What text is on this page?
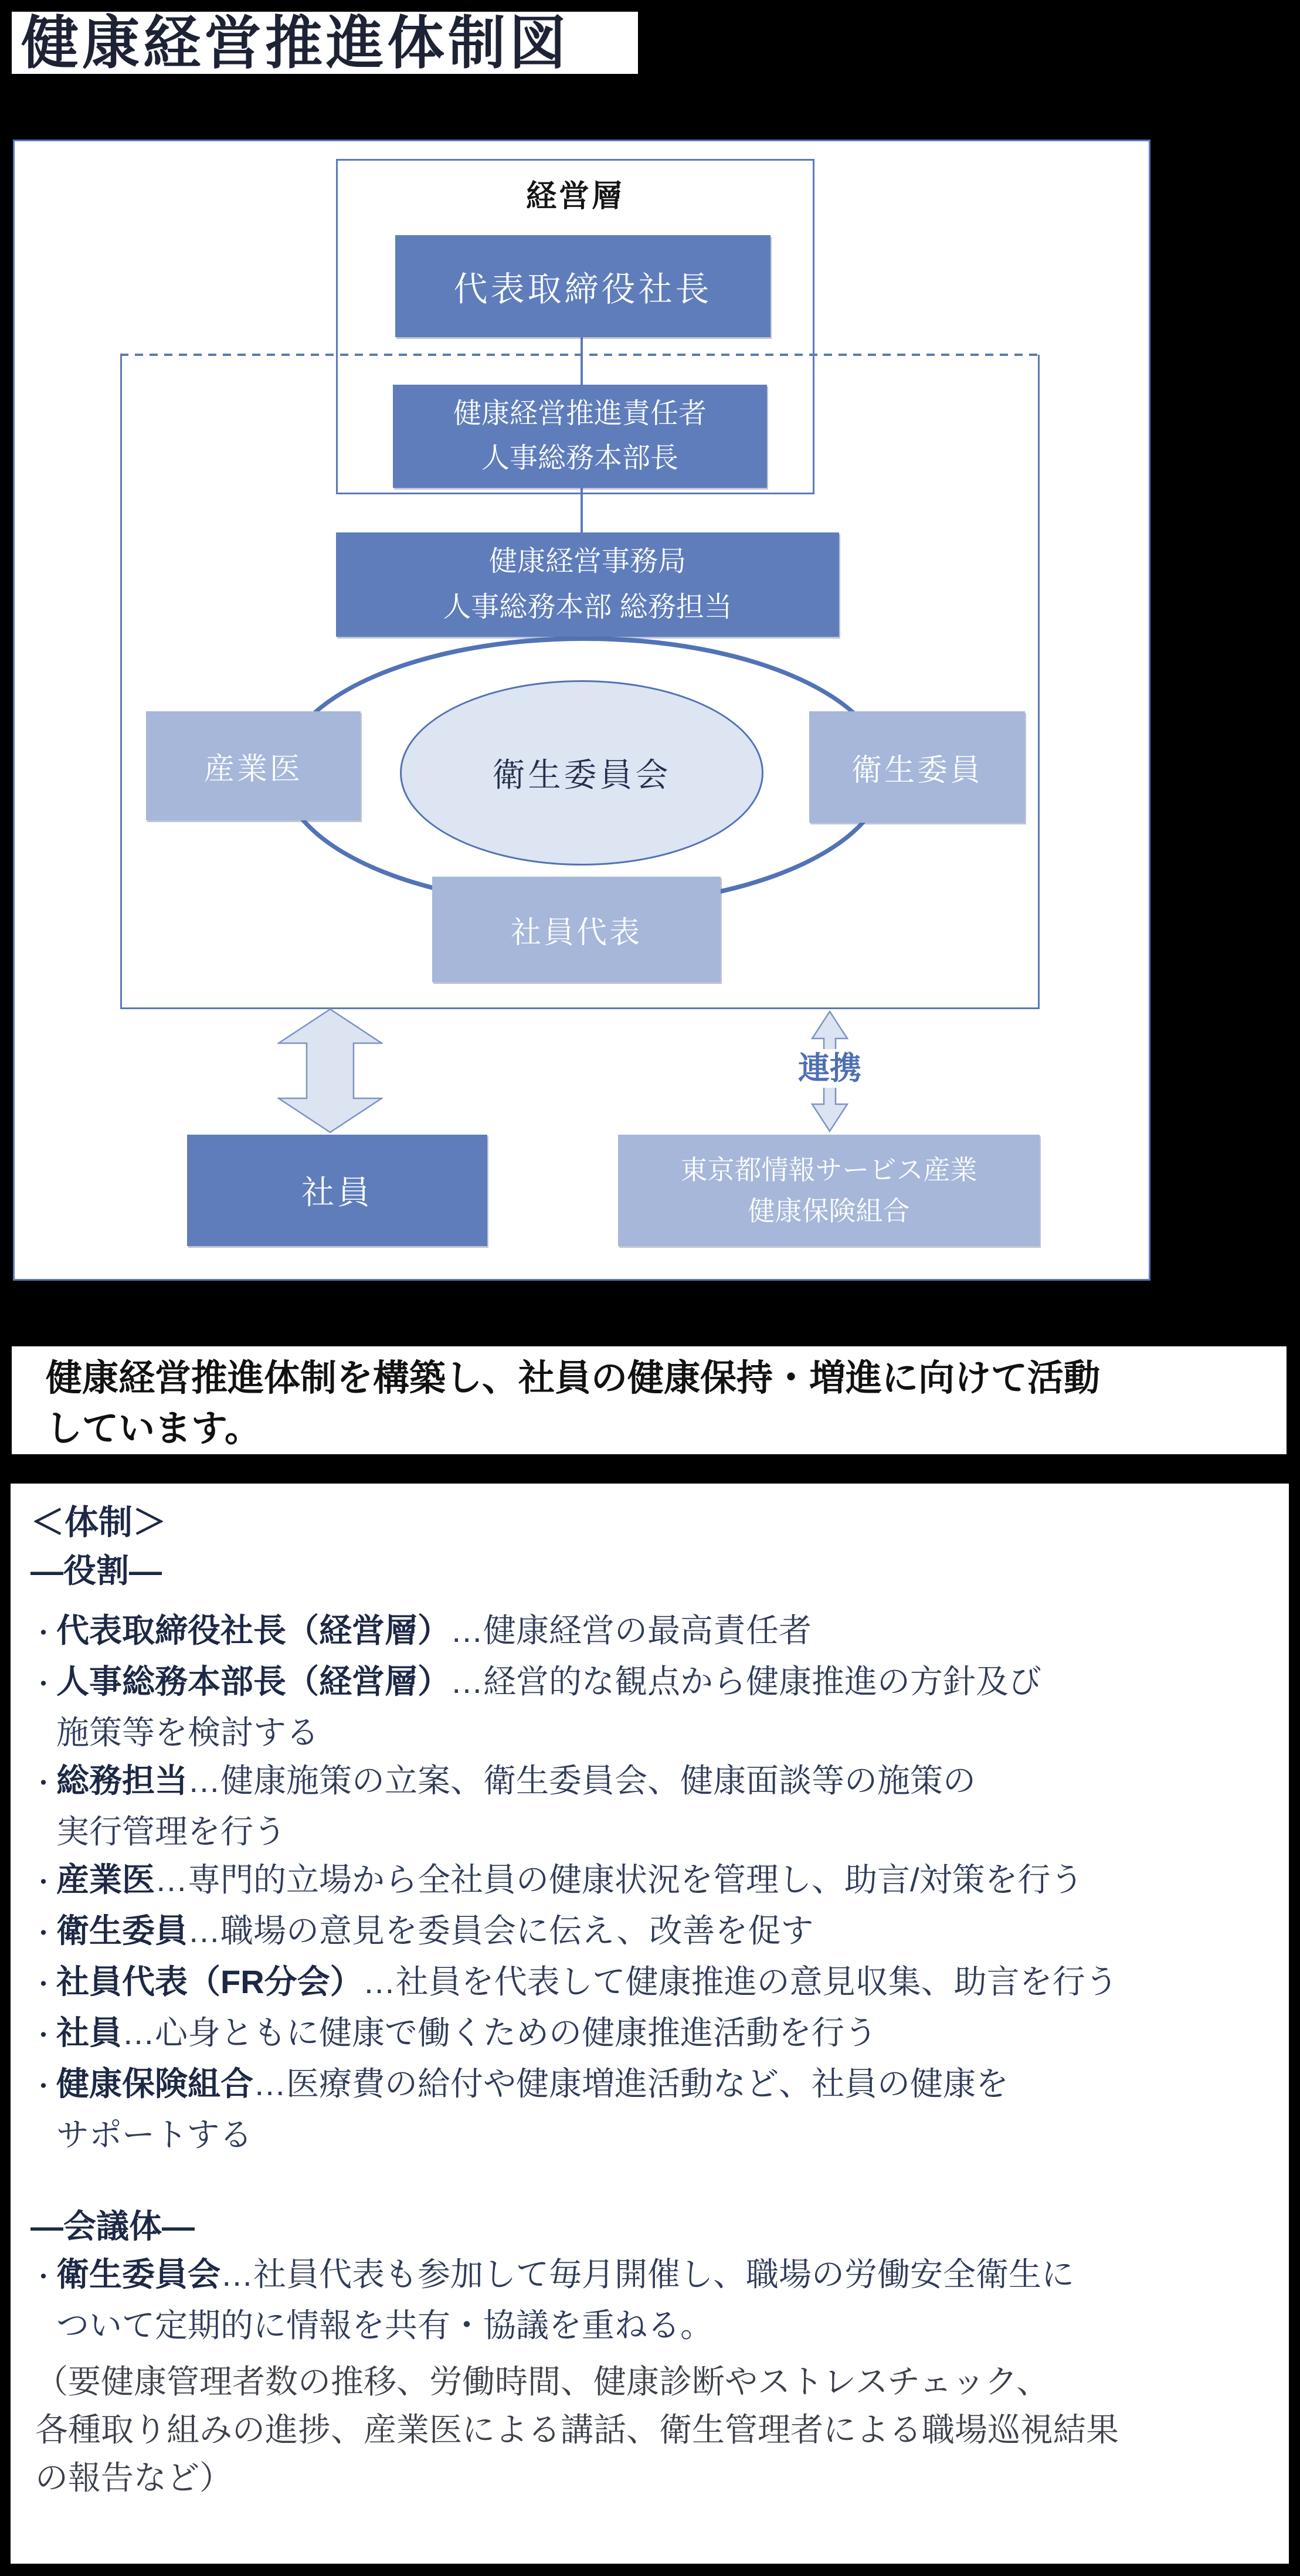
健康経営推進体制図
経営層
代表取締役社長
健康経営推進責任者
人事総務本部長
健康経営事務局
人事総務本部 総務担当
衛生委員会
産業医	衛生委員
社員代表
連携
社員
東京都情報サービス産業
健康保険組合
健康経営推進体制を構築し、社員の健康保持・増進に向けて活動
しています。
＜体制＞
―役割―
・代表取締役社長（経営層）…健康経営の最高責任者
・人事総務本部長（経営層）…経営的な観点から健康推進の方針及び
施策等を検討する
・総務担当…健康施策の立案、衛生委員会、健康面談等の施策の
実行管理を行う
・産業医…専門的立場から全社員の健康状況を管理し、助言/対策を行う
・衛生委員…職場の意見を委員会に伝え、改善を促す
・社員代表（FR分会）…社員を代表して健康推進の意見収集、助言を行う
・社員…心身ともに健康で働くための健康推進活動を行う
・健康保険組合…医療費の給付や健康増進活動など、社員の健康を
サポートする
―会議体―
・衛生委員会…社員代表も参加して毎月開催し、職場の労働安全衛生に
ついて定期的に情報を共有・協議を重ねる。
（要健康管理者数の推移、労働時間、健康診断やストレスチェック、
各種取り組みの進捗、産業医による講話、衛生管理者による職場巡視結果
の報告など）
